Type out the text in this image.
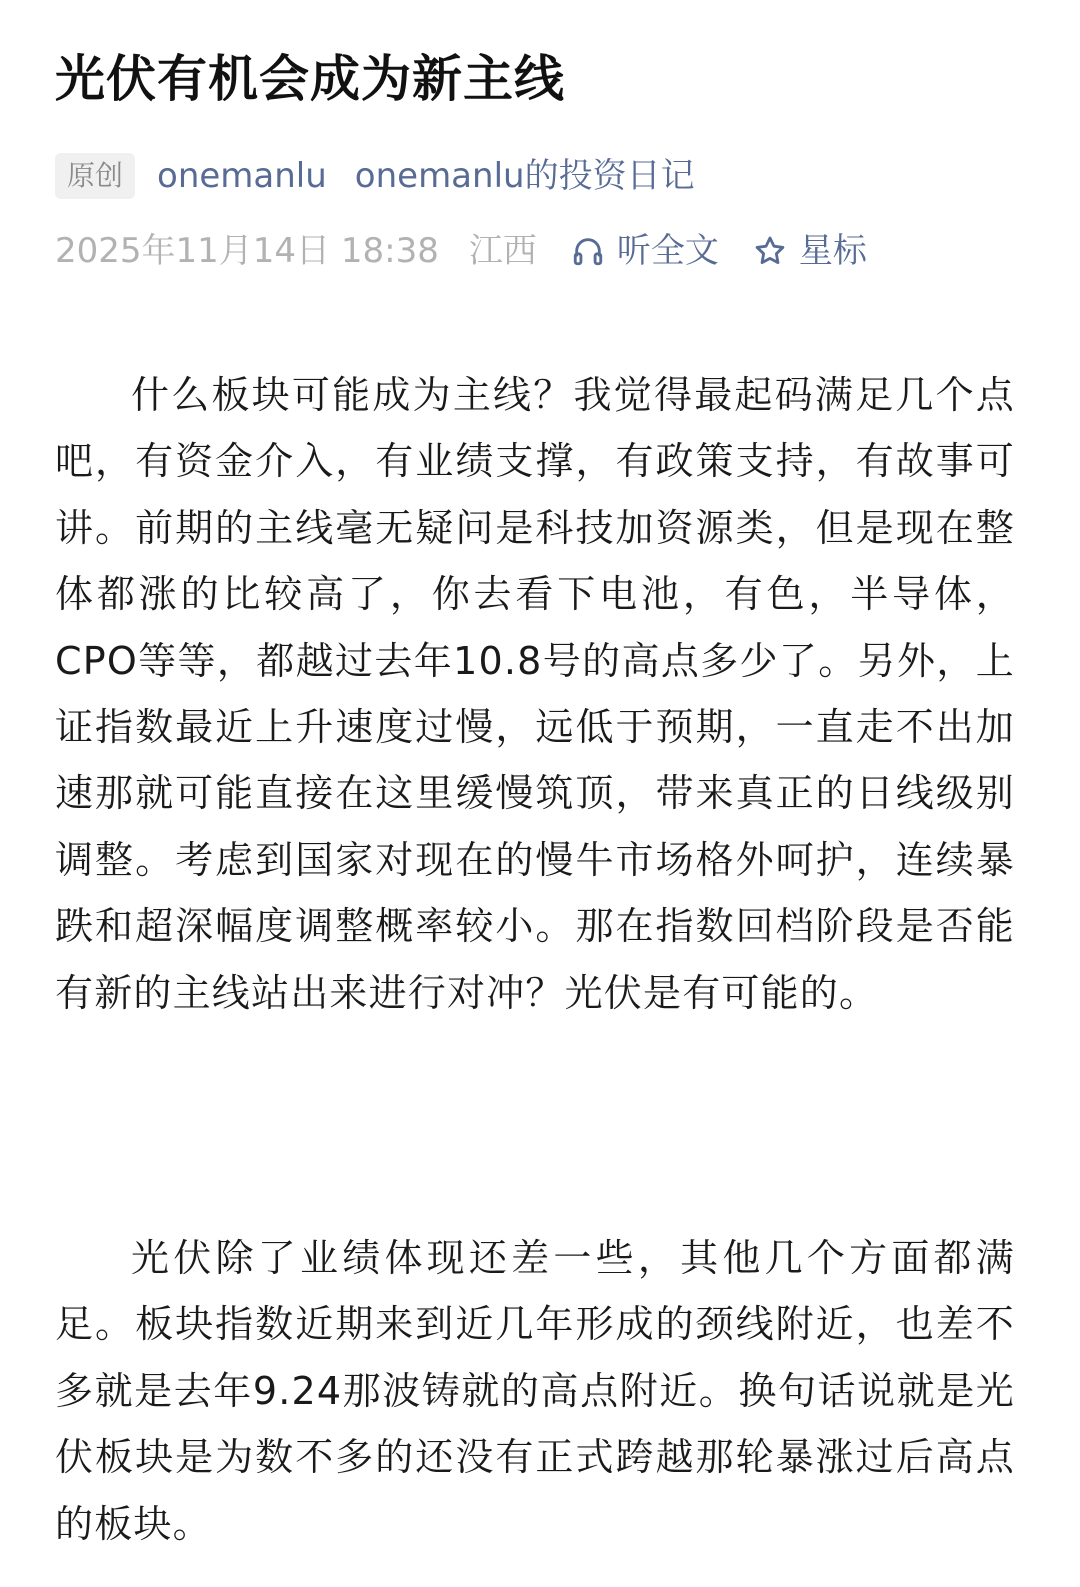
光伏有机会成为新主线
原创	onemanlu onemanlu的投资日记
2025年11月14日 18:38 江西 听全文 星标

什么板块可能成为主线？我觉得最起码满足几个点吧，有资金介入，有业绩支撑，有政策支持，有故事可讲。前期的主线毫无疑问是科技加资源类，但是现在整体都涨的比较高了，你去看下电池，有色，半导体，CPO等等，都越过去年10.8号的高点多少了。另外，上证指数最近上升速度过慢，远低于预期，一直走不出加速那就可能直接在这里缓慢筑顶，带来真正的日线级别调整。考虑到国家对现在的慢牛市场格外呵护，连续暴跌和超深幅度调整概率较小。那在指数回档阶段是否能有新的主线站出来进行对冲？光伏是有可能的。

光伏除了业绩体现还差一些，其他几个方面都满足。板块指数近期来到近几年形成的颈线附近，也差不多就是去年9.24那波铸就的高点附近。换句话说就是光伏板块是为数不多的还没有正式跨越那轮暴涨过后高点的板块。
